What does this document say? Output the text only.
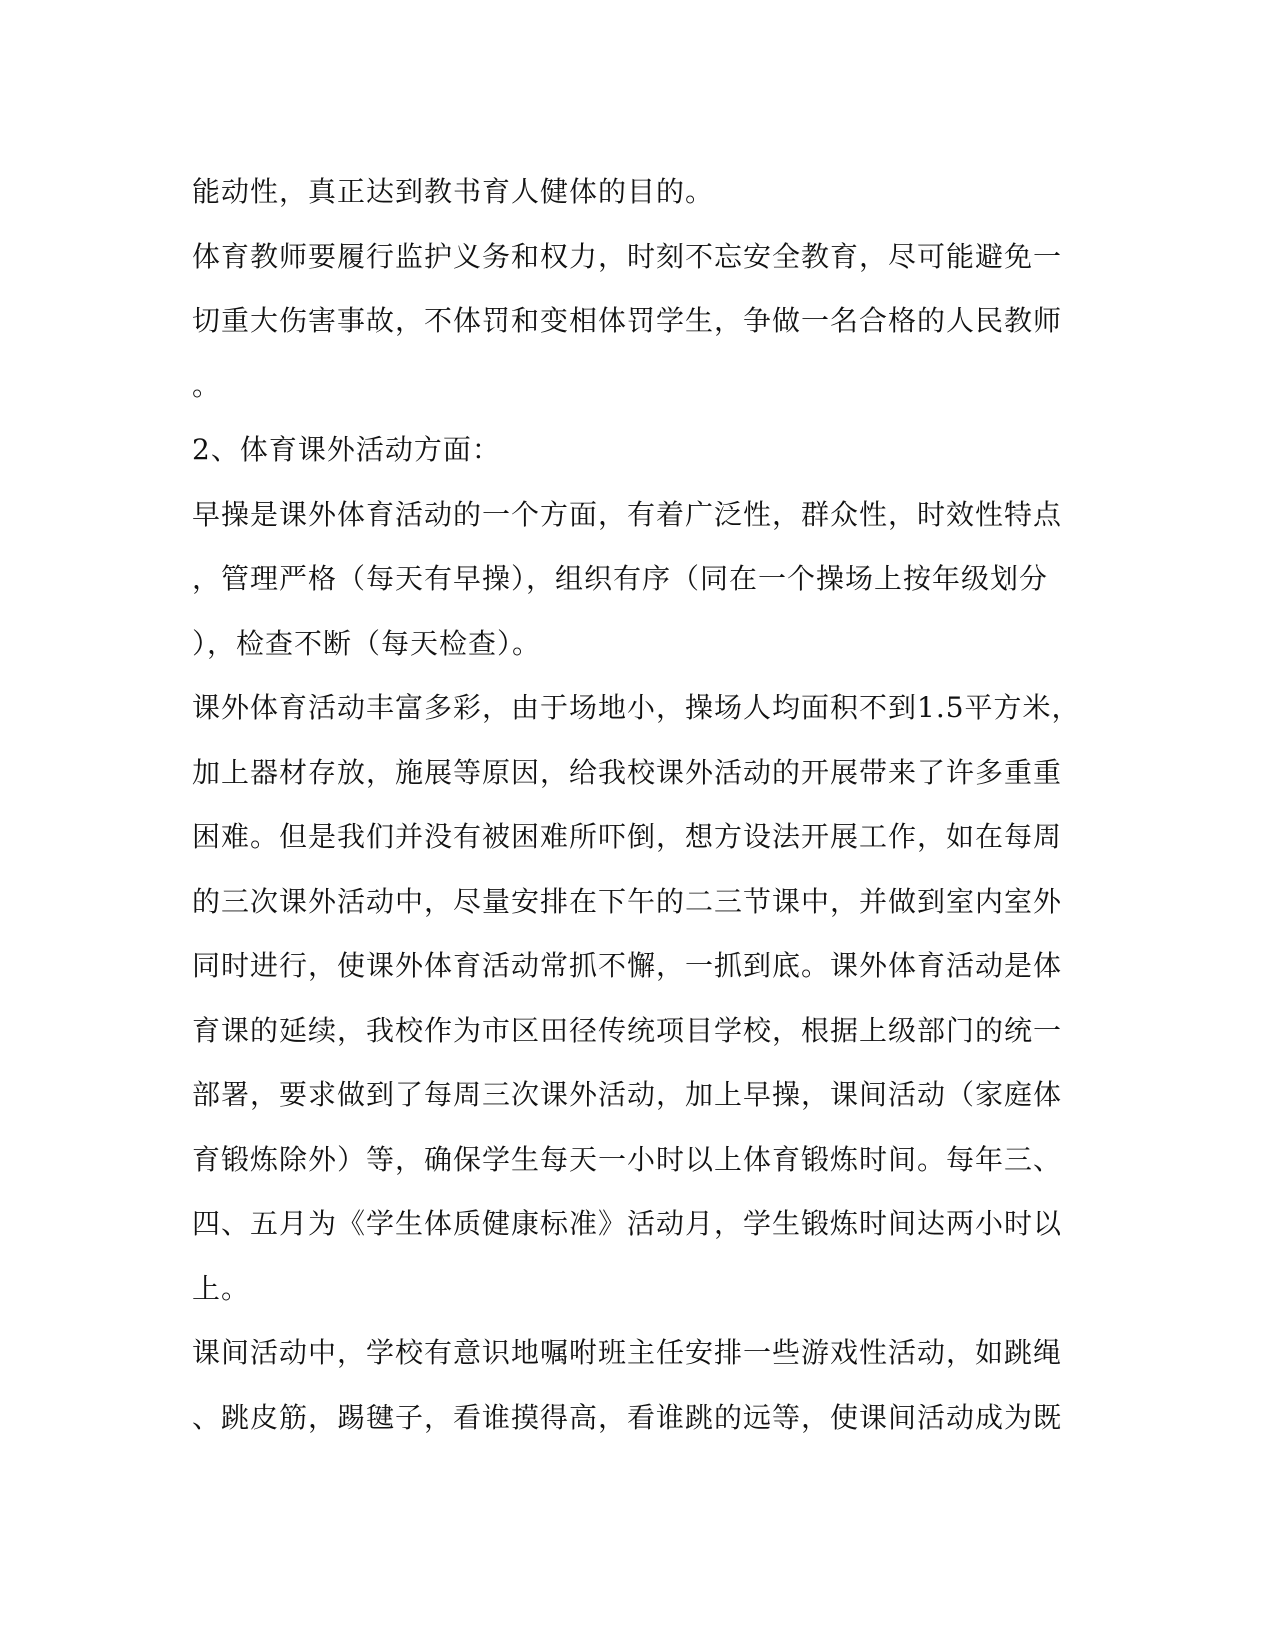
能动性，真正达到教书育人健体的目的。
体育教师要履行监护义务和权力，时刻不忘安全教育，尽可能避免一
切重大伤害事故，不体罚和变相体罚学生，争做一名合格的人民教师
。
2、体育课外活动方面：
早操是课外体育活动的一个方面，有着广泛性，群众性，时效性特点
，管理严格（每天有早操），组织有序（同在一个操场上按年级划分
），检查不断（每天检查）。
课外体育活动丰富多彩，由于场地小，操场人均面积不到1.5平方米，
加上器材存放，施展等原因，给我校课外活动的开展带来了许多重重
困难。但是我们并没有被困难所吓倒，想方设法开展工作，如在每周
的三次课外活动中，尽量安排在下午的二三节课中，并做到室内室外
同时进行，使课外体育活动常抓不懈，一抓到底。课外体育活动是体
育课的延续，我校作为市区田径传统项目学校，根据上级部门的统一
部署，要求做到了每周三次课外活动，加上早操，课间活动（家庭体
育锻炼除外）等，确保学生每天一小时以上体育锻炼时间。每年三、
四、五月为《学生体质健康标准》活动月，学生锻炼时间达两小时以
上。
课间活动中，学校有意识地嘱咐班主任安排一些游戏性活动，如跳绳
、跳皮筋，踢毽子，看谁摸得高，看谁跳的远等，使课间活动成为既
